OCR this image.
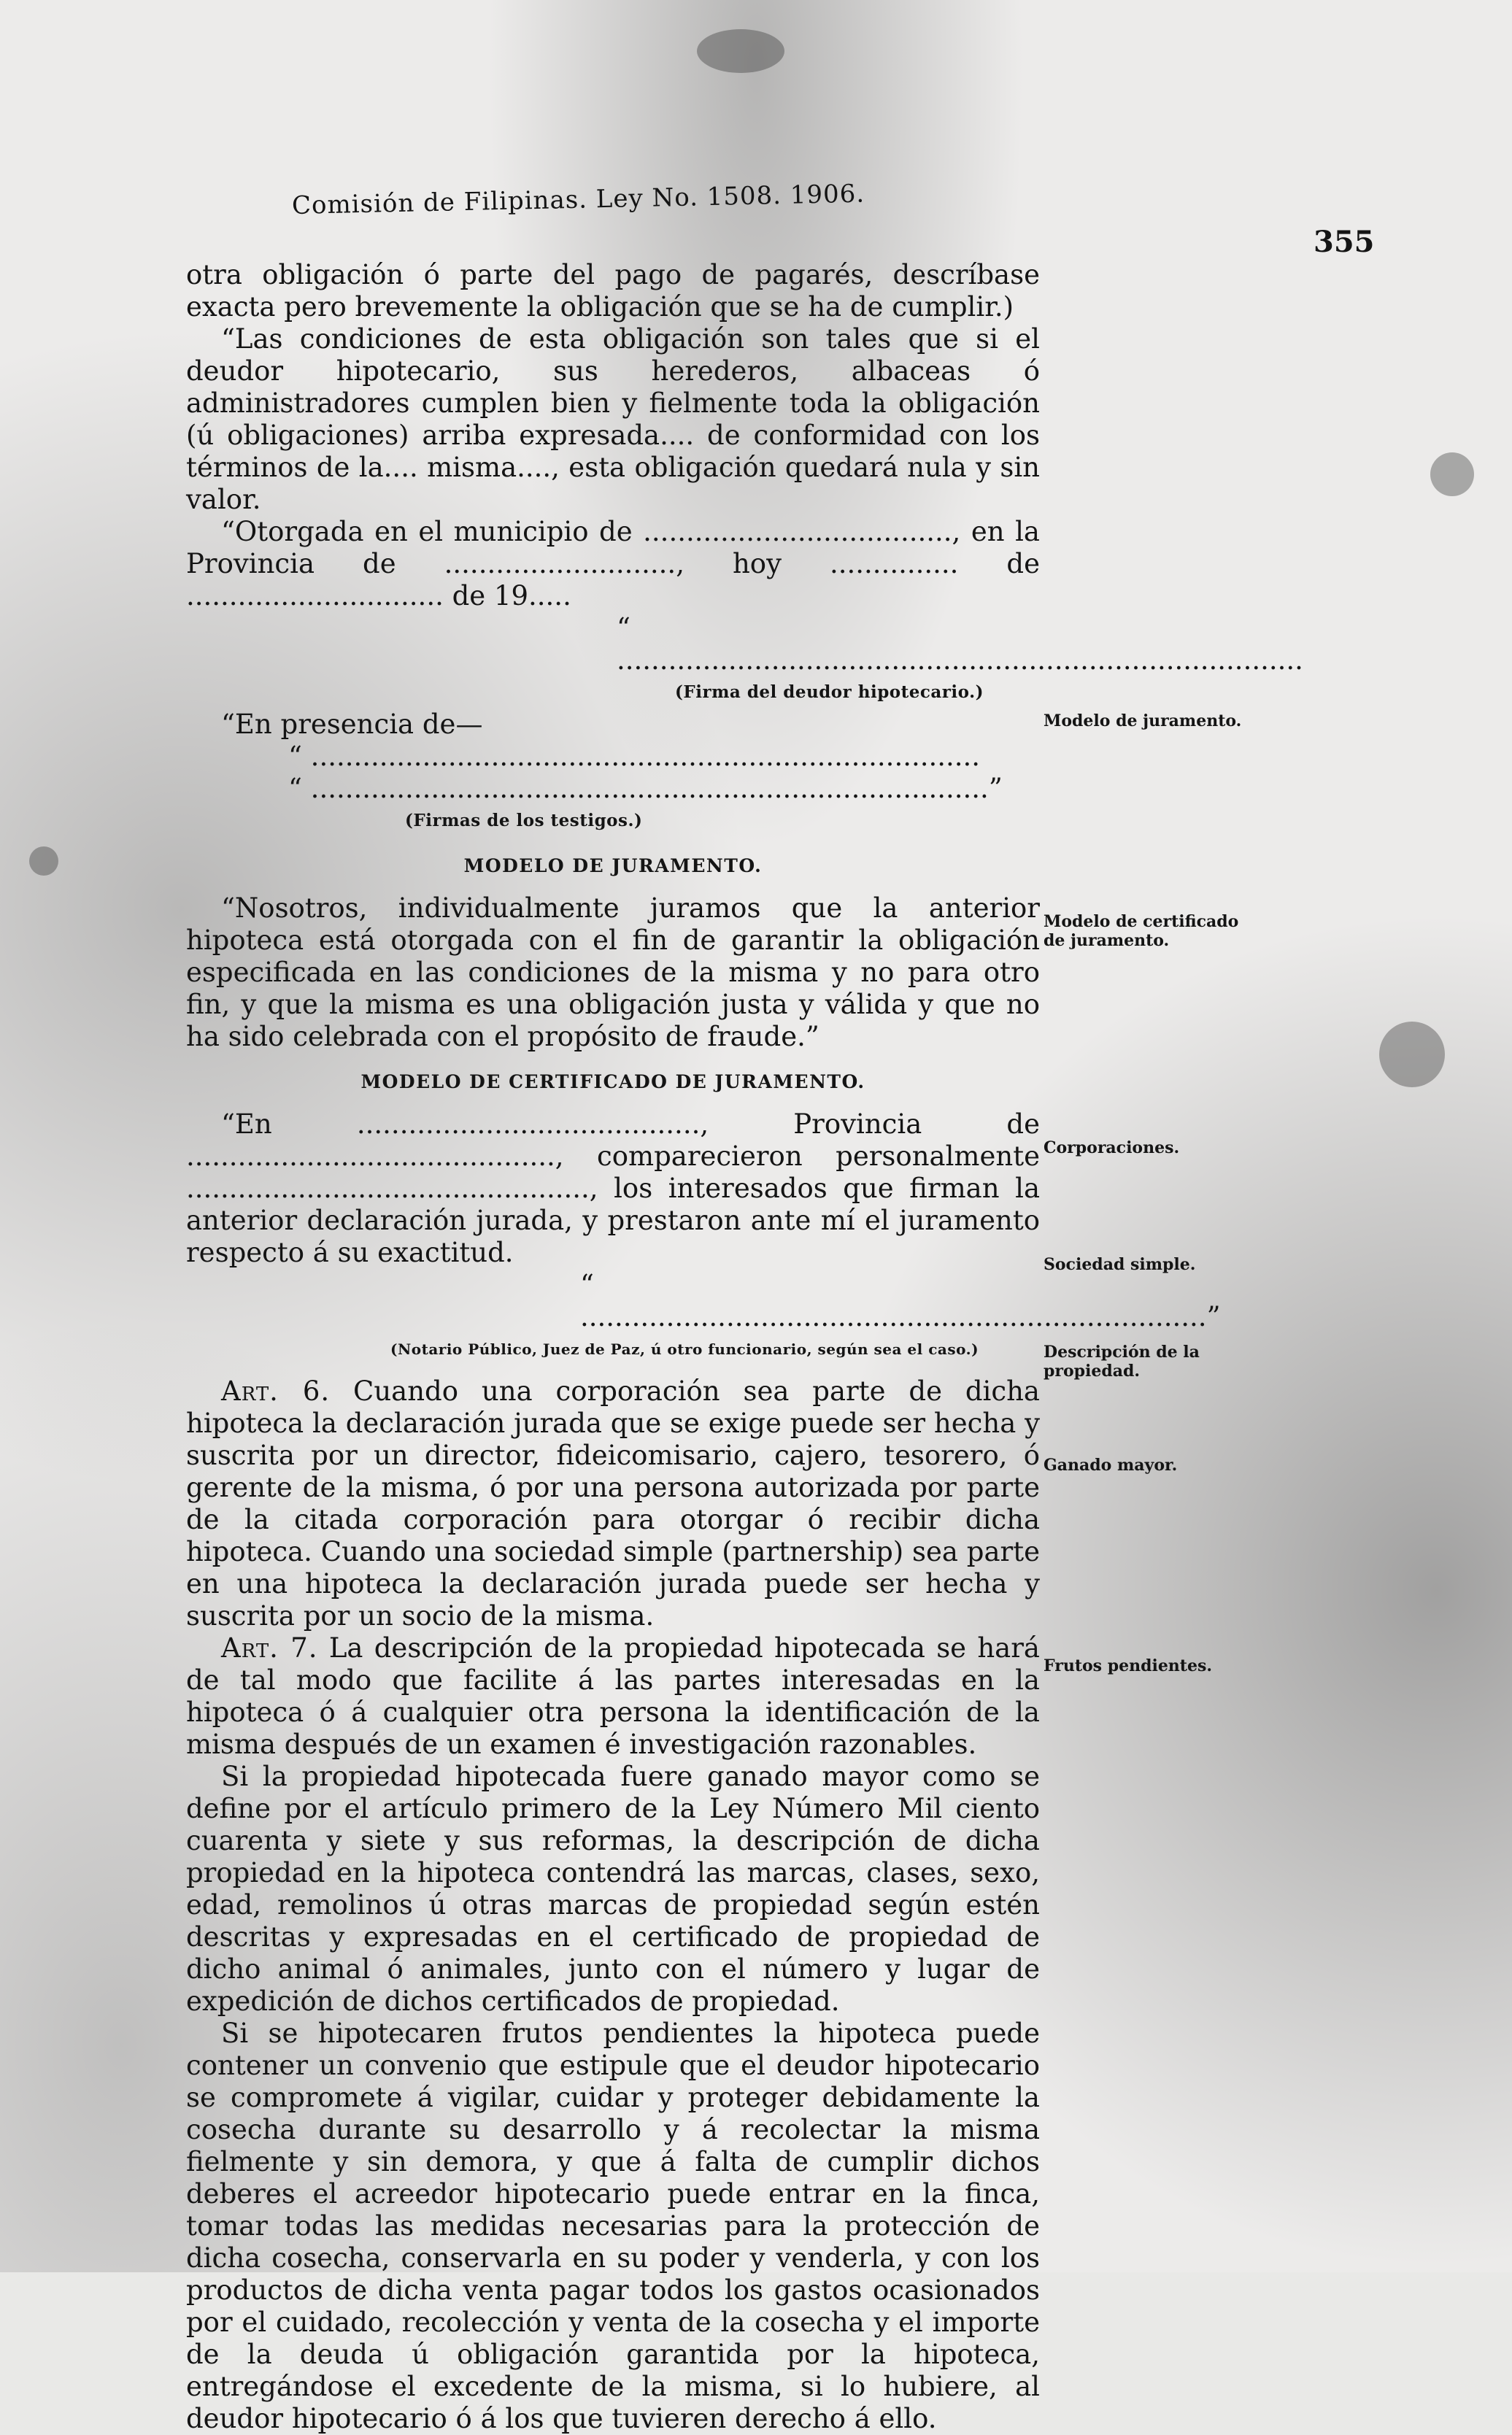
Comisión de Filipinas. Ley No. 1508. 1906.
355

otra obligación ó parte del pago de pagarés, descríbase exacta pero brevemente la obligación que se ha de cumplir.)

“Las condiciones de esta obligación son tales que si el deudor hipotecario, sus herederos, albaceas ó administradores cumplen bien y fielmente toda la obligación (ú obligaciones) arriba expresada.... de conformidad con los términos de la.... misma...., esta obligación quedará nula y sin valor.

“Otorgada en el municipio de ...................................., en la Provincia de ..........................., hoy ............... de .............................. de 19.....

“ ................................................................................

(Firma del deudor hipotecario.)

“En presencia de—

“ ..............................................................................

“ ...............................................................................”

(Firmas de los testigos.)

MODELO DE JURAMENTO.

“Nosotros, individualmente juramos que la anterior hipoteca está otorgada con el fin de garantir la obligación especificada en las condiciones de la misma y no para otro fin, y que la misma es una obligación justa y válida y que no ha sido celebrada con el propósito de fraude.”

MODELO DE CERTIFICADO DE JURAMENTO.

“En ........................................, Provincia de ..........................................., comparecieron personalmente ..............................................., los interesados que firman la anterior declaración jurada, y prestaron ante mí el juramento respecto á su exactitud.

“ .........................................................................”

(Notario Público, Juez de Paz, ú otro funcionario, según sea el caso.)

Art. 6. Cuando una corporación sea parte de dicha hipoteca la declaración jurada que se exige puede ser hecha y suscrita por un director, fideicomisario, cajero, tesorero, ó gerente de la misma, ó por una persona autorizada por parte de la citada corporación para otorgar ó recibir dicha hipoteca. Cuando una sociedad simple (partnership) sea parte en una hipoteca la declaración jurada puede ser hecha y suscrita por un socio de la misma.

Art. 7. La descripción de la propiedad hipotecada se hará de tal modo que facilite á las partes interesadas en la hipoteca ó á cualquier otra persona la identificación de la misma después de un examen é investigación razonables.

Si la propiedad hipotecada fuere ganado mayor como se define por el artículo primero de la Ley Número Mil ciento cuarenta y siete y sus reformas, la descripción de dicha propiedad en la hipoteca contendrá las marcas, clases, sexo, edad, remolinos ú otras marcas de propiedad según estén descritas y expresadas en el certificado de propiedad de dicho animal ó animales, junto con el número y lugar de expedición de dichos certificados de propiedad.

Si se hipotecaren frutos pendientes la hipoteca puede contener un convenio que estipule que el deudor hipotecario se compromete á vigilar, cuidar y proteger debidamente la cosecha durante su desarrollo y á recolectar la misma fielmente y sin demora, y que á falta de cumplir dichos deberes el acreedor hipotecario puede entrar en la finca, tomar todas las medidas necesarias para la protección de dicha cosecha, conservarla en su poder y venderla, y con los productos de dicha venta pagar todos los gastos ocasionados por el cuidado, recolección y venta de la cosecha y el importe de la deuda ú obligación garantida por la hipoteca, entregándose el excedente de la misma, si lo hubiere, al deudor hipotecario ó á los que tuvieren derecho á ello.

Modelo de juramento.
Modelo de certificado de juramento.
Corporaciones.
Sociedad simple.
Descripción de la propiedad.
Ganado mayor.
Frutos pendientes.
